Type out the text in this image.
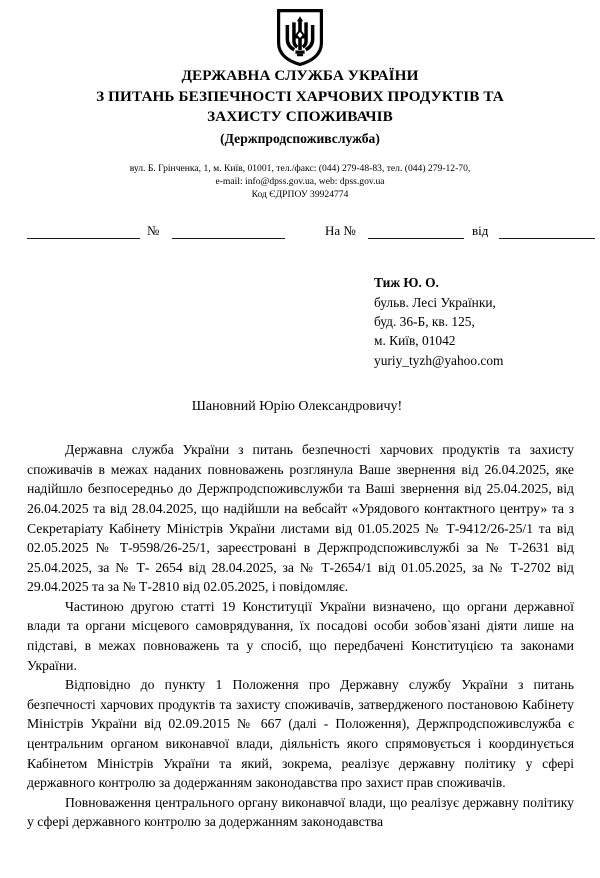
ДЕРЖАВНА СЛУЖБА УКРАЇНИ
З ПИТАНЬ БЕЗПЕЧНОСТІ ХАРЧОВИХ ПРОДУКТІВ ТА
ЗАХИСТУ СПОЖИВАЧІВ
(Держпродспоживслужба)
вул. Б. Грінченка, 1, м. Київ, 01001, тел./факс: (044) 279-48-83, тел. (044) 279-12-70,
e-mail: info@dpss.gov.ua, web: dpss.gov.ua
Код ЄДРПОУ 39924774
№	На №	від
Тиж Ю. О.
бульв. Лесі Українки,
буд. 36-Б, кв. 125,
м. Київ, 01042
yuriy_tyzh@yahoo.com
Шановний Юрію Олександровичу!

Державна служба України з питань безпечності харчових продуктів та захисту споживачів в межах наданих повноважень розглянула Ваше звернення від 26.04.2025, яке надійшло безпосередньо до Держпродспоживслужби та Ваші звернення від 25.04.2025, від 26.04.2025 та від 28.04.2025, що надійшли на вебсайт «Урядового контактного центру» та з Секретаріату Кабінету Міністрів України листами від 01.05.2025 № Т-9412/26-25/1 та від 02.05.2025 № Т-9598/26-25/1, зареєстровані в Держпродспоживслужбі за № Т-2631 від 25.04.2025, за № Т- 2654 від 28.04.2025, за № Т-2654/1 від 01.05.2025, за № Т-2702 від 29.04.2025 та за № Т-2810 від 02.05.2025, і повідомляє.

Частиною другою статті 19 Конституції України визначено, що органи державної влади та органи місцевого самоврядування, їх посадові особи зобов`язані діяти лише на підставі, в межах повноважень та у спосіб, що передбачені Конституцією та законами України.

Відповідно до пункту 1 Положення про Державну службу України з питань безпечності харчових продуктів та захисту споживачів, затвердженого постановою Кабінету Міністрів України від 02.09.2015 № 667 (далі - Положення), Держпродспоживслужба є центральним органом виконавчої влади, діяльність якого спрямовується і координується Кабінетом Міністрів України та який, зокрема, реалізує державну політику у сфері державного контролю за додержанням законодавства про захист прав споживачів.

Повноваження центрального органу виконавчої влади, що реалізує державну політику у сфері державного контролю за додержанням законодавства
